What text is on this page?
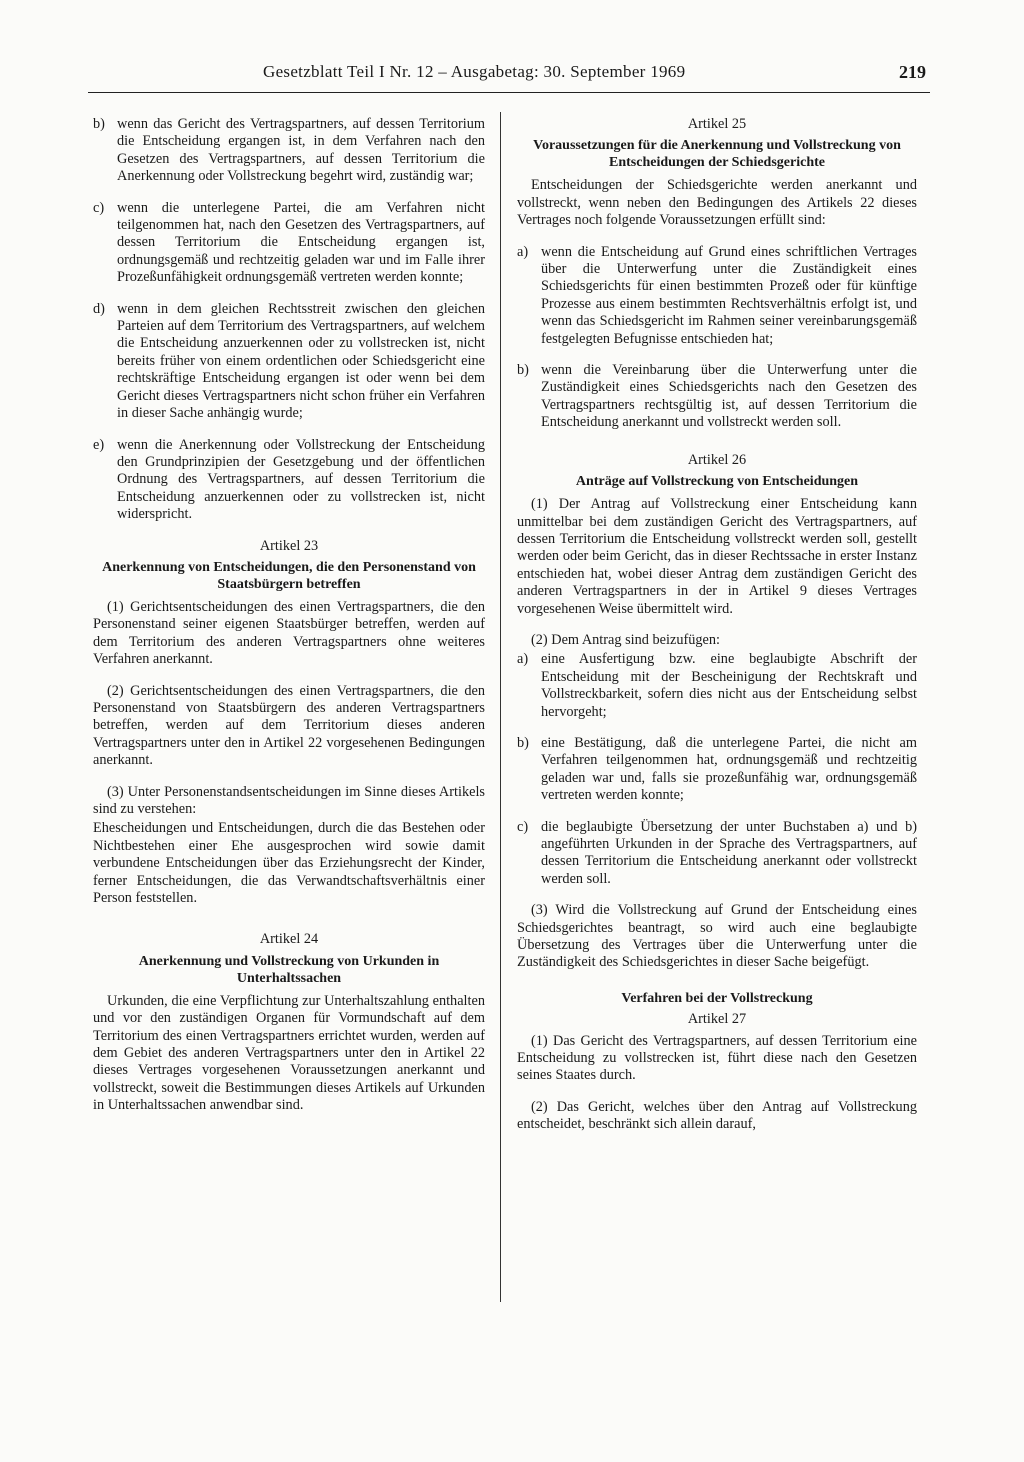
Gesetzblatt Teil I Nr. 12 – Ausgabetag: 30. September 1969	219
b) wenn das Gericht des Vertragspartners, auf dessen Territorium die Entscheidung ergangen ist, in dem Verfahren nach den Gesetzen des Vertragspartners, auf dessen Territorium die Anerkennung oder Vollstreckung begehrt wird, zuständig war;
c) wenn die unterlegene Partei, die am Verfahren nicht teilgenommen hat, nach den Gesetzen des Vertragspartners, auf dessen Territorium die Entscheidung ergangen ist, ordnungsgemäß und rechtzeitig geladen war und im Falle ihrer Prozeßunfähigkeit ordnungsgemäß vertreten werden konnte;
d) wenn in dem gleichen Rechtsstreit zwischen den gleichen Parteien auf dem Territorium des Vertragspartners, auf welchem die Entscheidung anzuerkennen oder zu vollstrecken ist, nicht bereits früher von einem ordentlichen oder Schiedsgericht eine rechtskräftige Entscheidung ergangen ist oder wenn bei dem Gericht dieses Vertragspartners nicht schon früher ein Verfahren in dieser Sache anhängig wurde;
e) wenn die Anerkennung oder Vollstreckung der Entscheidung den Grundprinzipien der Gesetzgebung und der öffentlichen Ordnung des Vertragspartners, auf dessen Territorium die Entscheidung anzuerkennen oder zu vollstrecken ist, nicht widerspricht.
Artikel 23
Anerkennung von Entscheidungen, die den Personenstand von Staatsbürgern betreffen

(1) Gerichtsentscheidungen des einen Vertragspartners, die den Personenstand seiner eigenen Staatsbürger betreffen, werden auf dem Territorium des anderen Vertragspartners ohne weiteres Verfahren anerkannt.

(2) Gerichtsentscheidungen des einen Vertragspartners, die den Personenstand von Staatsbürgern des anderen Vertragspartners betreffen, werden auf dem Territorium dieses anderen Vertragspartners unter den in Artikel 22 vorgesehenen Bedingungen anerkannt.

(3) Unter Personenstandsentscheidungen im Sinne dieses Artikels sind zu verstehen:

Ehescheidungen und Entscheidungen, durch die das Bestehen oder Nichtbestehen einer Ehe ausgesprochen wird sowie damit verbundene Entscheidungen über das Erziehungsrecht der Kinder, ferner Entscheidungen, die das Verwandtschaftsverhältnis einer Person feststellen.

Artikel 24
Anerkennung und Vollstreckung von Urkunden in Unterhaltssachen

Urkunden, die eine Verpflichtung zur Unterhaltszahlung enthalten und vor den zuständigen Organen für Vormundschaft auf dem Territorium des einen Vertragspartners errichtet wurden, werden auf dem Gebiet des anderen Vertragspartners unter den in Artikel 22 dieses Vertrages vorgesehenen Voraussetzungen anerkannt und vollstreckt, soweit die Bestimmungen dieses Artikels auf Urkunden in Unterhaltssachen anwendbar sind.

Artikel 25
Voraussetzungen für die Anerkennung und Vollstreckung von Entscheidungen der Schiedsgerichte

Entscheidungen der Schiedsgerichte werden anerkannt und vollstreckt, wenn neben den Bedingungen des Artikels 22 dieses Vertrages noch folgende Voraussetzungen erfüllt sind:

a) wenn die Entscheidung auf Grund eines schriftlichen Vertrages über die Unterwerfung unter die Zuständigkeit eines Schiedsgerichts für einen bestimmten Prozeß oder für künftige Prozesse aus einem bestimmten Rechtsverhältnis erfolgt ist, und wenn das Schiedsgericht im Rahmen seiner vereinbarungsgemäß festgelegten Befugnisse entschieden hat;
b) wenn die Vereinbarung über die Unterwerfung unter die Zuständigkeit eines Schiedsgerichts nach den Gesetzen des Vertragspartners rechtsgültig ist, auf dessen Territorium die Entscheidung anerkannt und vollstreckt werden soll.
Artikel 26
Anträge auf Vollstreckung von Entscheidungen

(1) Der Antrag auf Vollstreckung einer Entscheidung kann unmittelbar bei dem zuständigen Gericht des Vertragspartners, auf dessen Territorium die Entscheidung vollstreckt werden soll, gestellt werden oder beim Gericht, das in dieser Rechtssache in erster Instanz entschieden hat, wobei dieser Antrag dem zuständigen Gericht des anderen Vertragspartners in der in Artikel 9 dieses Vertrages vorgesehenen Weise übermittelt wird.

(2) Dem Antrag sind beizufügen:

a) eine Ausfertigung bzw. eine beglaubigte Abschrift der Entscheidung mit der Bescheinigung der Rechtskraft und Vollstreckbarkeit, sofern dies nicht aus der Entscheidung selbst hervorgeht;
b) eine Bestätigung, daß die unterlegene Partei, die nicht am Verfahren teilgenommen hat, ordnungsgemäß und rechtzeitig geladen war und, falls sie prozeßunfähig war, ordnungsgemäß vertreten werden konnte;
c) die beglaubigte Übersetzung der unter Buchstaben a) und b) angeführten Urkunden in der Sprache des Vertragspartners, auf dessen Territorium die Entscheidung anerkannt oder vollstreckt werden soll.

(3) Wird die Vollstreckung auf Grund der Entscheidung eines Schiedsgerichtes beantragt, so wird auch eine beglaubigte Übersetzung des Vertrages über die Unterwerfung unter die Zuständigkeit des Schiedsgerichtes in dieser Sache beigefügt.

Verfahren bei der Vollstreckung
Artikel 27

(1) Das Gericht des Vertragspartners, auf dessen Territorium eine Entscheidung zu vollstrecken ist, führt diese nach den Gesetzen seines Staates durch.

(2) Das Gericht, welches über den Antrag auf Vollstreckung entscheidet, beschränkt sich allein darauf,
